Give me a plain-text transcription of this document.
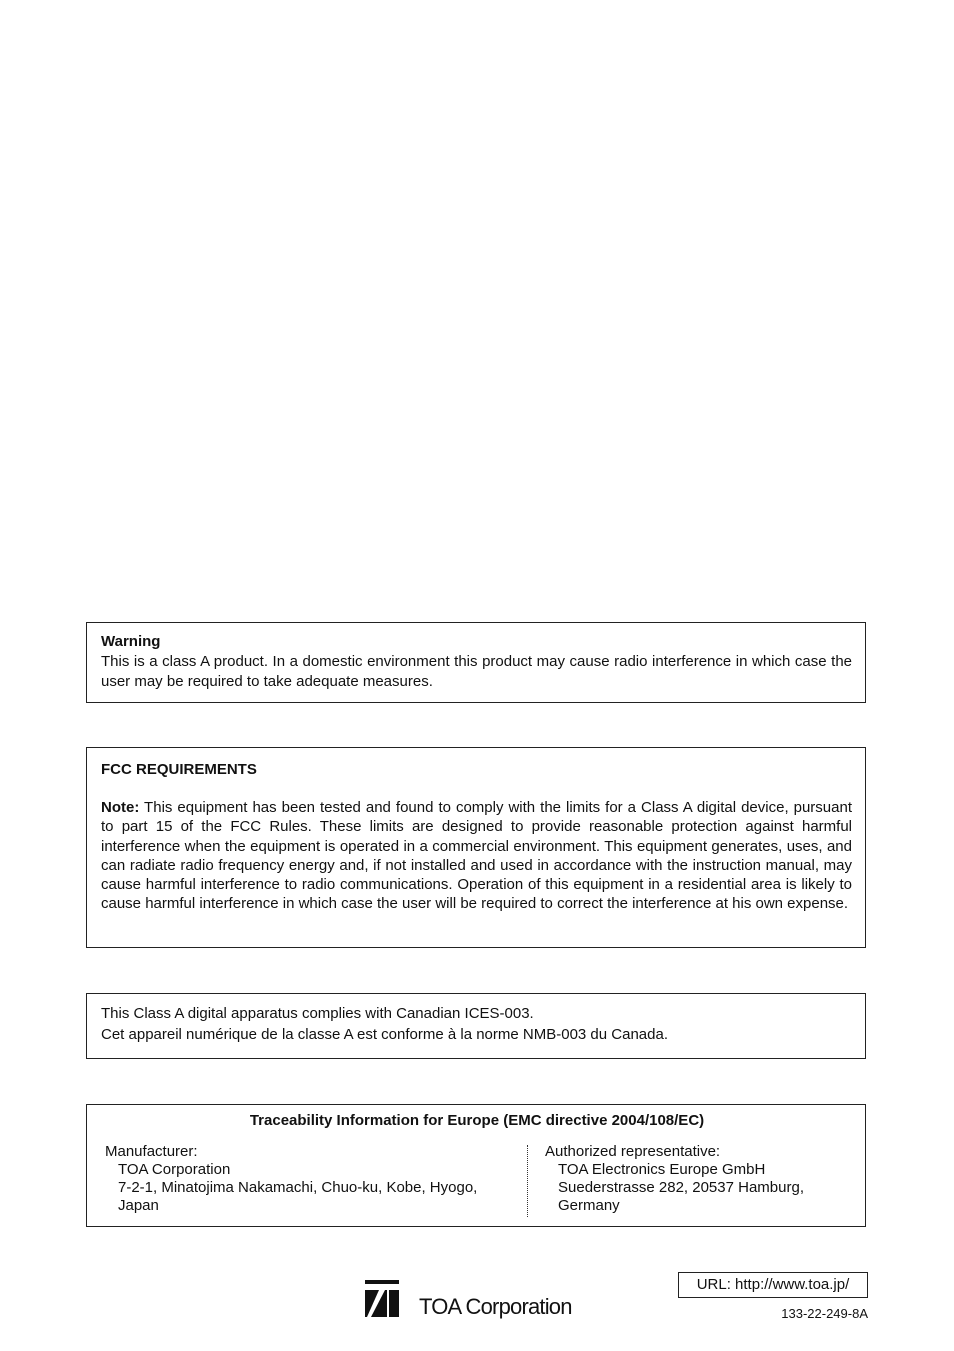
Warning
This is a class A product. In a domestic environment this product may cause radio interference in which case the user may be required to take adequate measures.
FCC REQUIREMENTS
Note: This equipment has been tested and found to comply with the limits for a Class A digital device, pursuant to part 15 of the FCC Rules. These limits are designed to provide reasonable protection against harmful interference when the equipment is operated in a commercial environment. This equipment generates, uses, and can radiate radio frequency energy and, if not installed and used in accordance with the instruction manual, may cause harmful interference to radio communications. Operation of this equipment in a residential area is likely to cause harmful interference in which case the user will be required to correct the interference at his own expense.
This Class A digital apparatus complies with Canadian ICES-003.
Cet appareil numérique de la classe A est conforme à la norme NMB-003 du Canada.
Traceability Information for Europe (EMC directive 2004/108/EC)
Manufacturer:
TOA Corporation
7-2-1, Minatojima Nakamachi, Chuo-ku, Kobe, Hyogo,
Japan
Authorized representative:
TOA Electronics Europe GmbH
Suederstrasse 282, 20537 Hamburg,
Germany
TOA Corporation
URL: http://www.toa.jp/
133-22-249-8A
